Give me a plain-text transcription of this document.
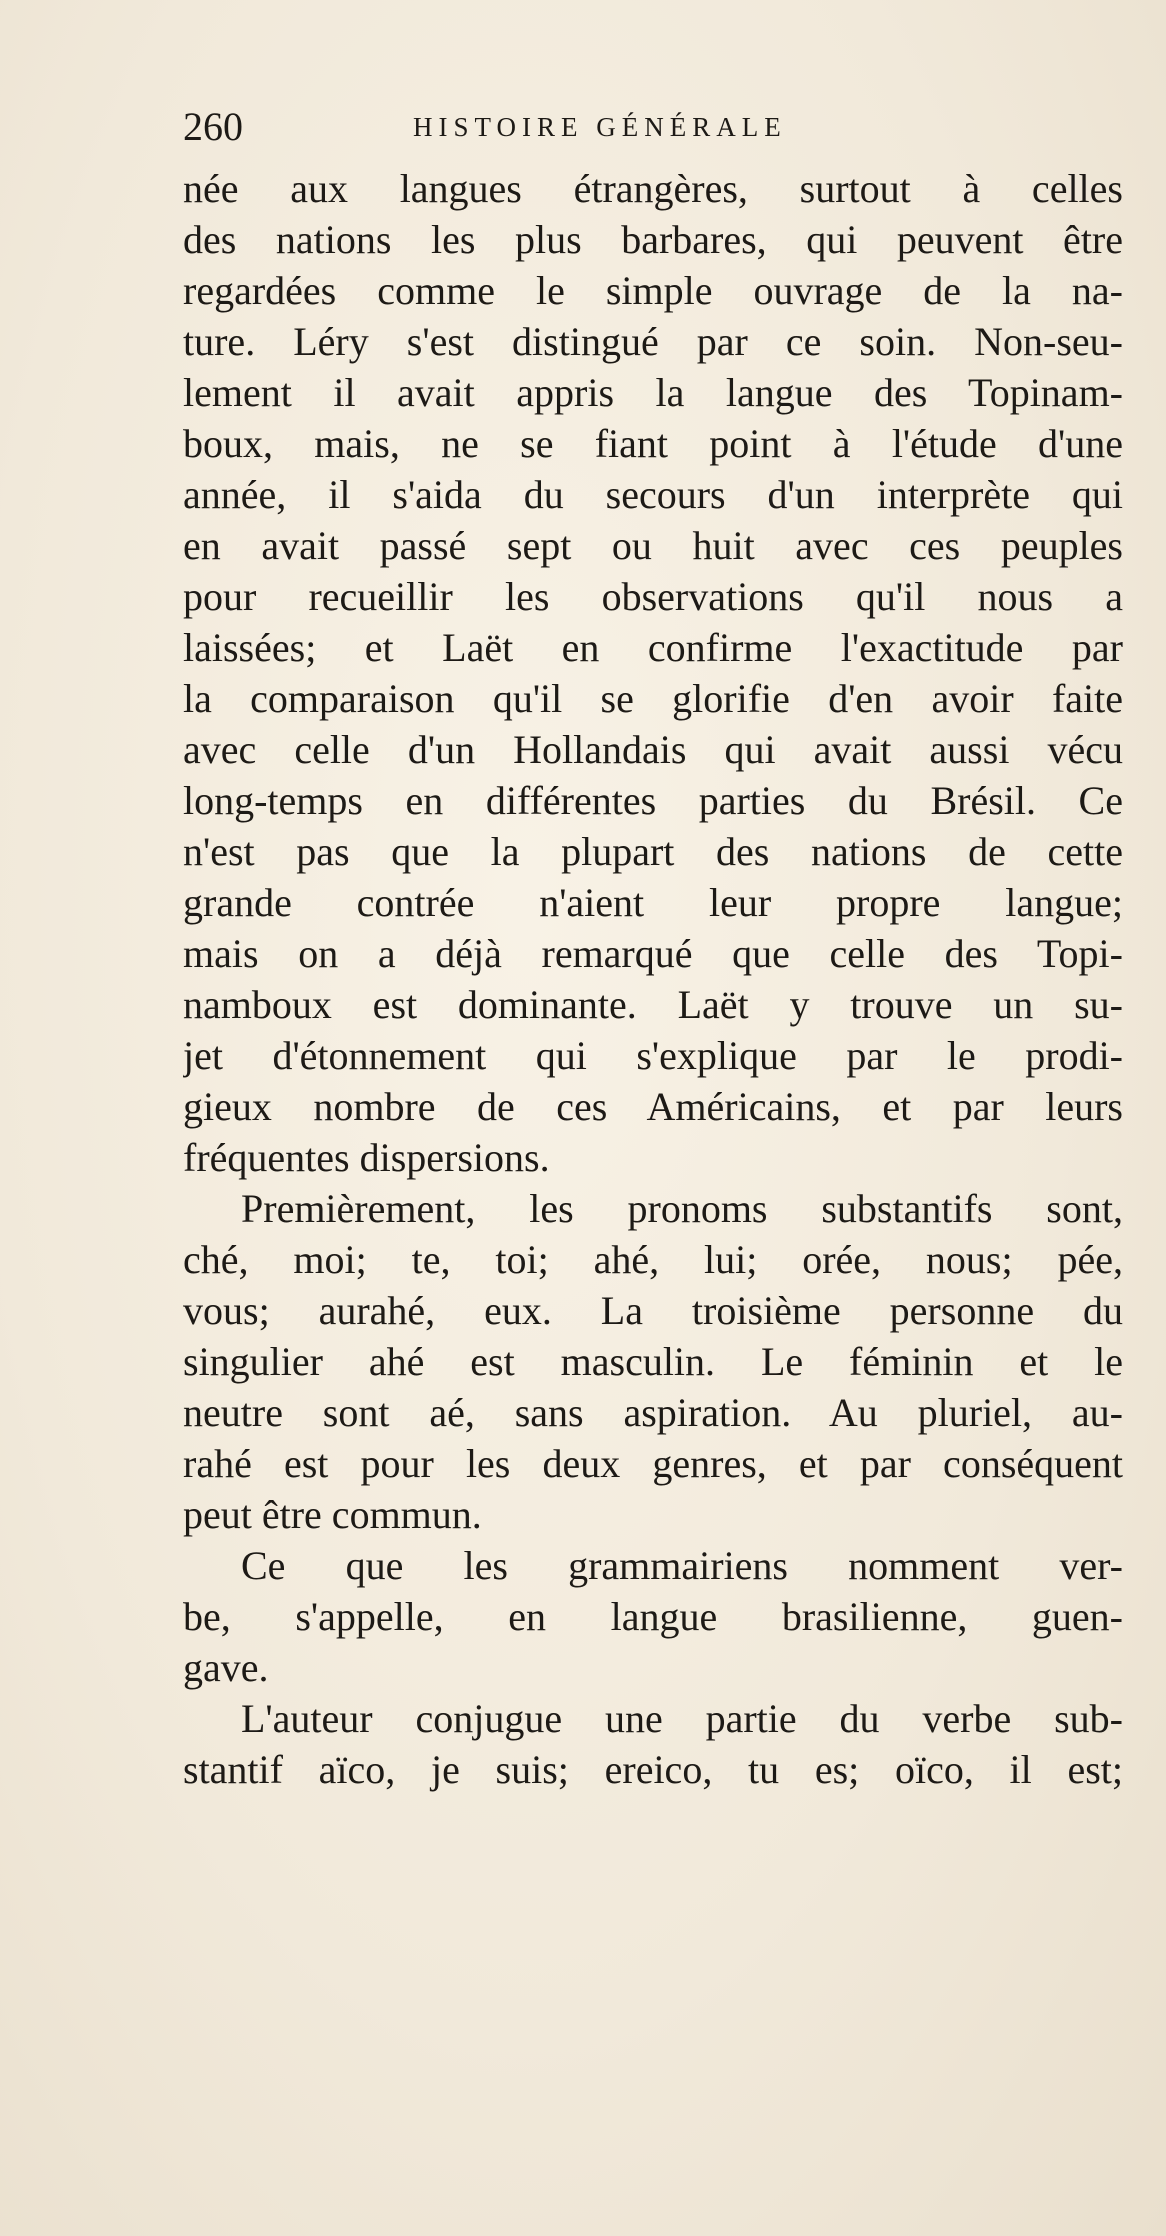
260	HISTOIRE GÉNÉRALE
née aux langues étrangères, surtout à celles
des nations les plus barbares, qui peuvent être
regardées comme le simple ouvrage de la na-
ture. Léry s'est distingué par ce soin. Non-seu-
lement il avait appris la langue des Topinam-
boux, mais, ne se fiant point à l'étude d'une
année, il s'aida du secours d'un interprète qui
en avait passé sept ou huit avec ces peuples
pour recueillir les observations qu'il nous a
laissées; et Laët en confirme l'exactitude par
la comparaison qu'il se glorifie d'en avoir faite
avec celle d'un Hollandais qui avait aussi vécu
long-temps en différentes parties du Brésil. Ce
n'est pas que la plupart des nations de cette
grande contrée n'aient leur propre langue;
mais on a déjà remarqué que celle des Topi-
namboux est dominante. Laët y trouve un su-
jet d'étonnement qui s'explique par le prodi-
gieux nombre de ces Américains, et par leurs
fréquentes dispersions.
Premièrement, les pronoms substantifs sont,
ché, moi; te, toi; ahé, lui; orée, nous; pée,
vous; aurahé, eux. La troisième personne du
singulier ahé est masculin. Le féminin et le
neutre sont aé, sans aspiration. Au pluriel, au-
rahé est pour les deux genres, et par conséquent
peut être commun.
Ce que les grammairiens nomment ver-
be, s'appelle, en langue brasilienne, guen-
gave.
L'auteur conjugue une partie du verbe sub-
stantif aïco, je suis; ereico, tu es; oïco, il est;
